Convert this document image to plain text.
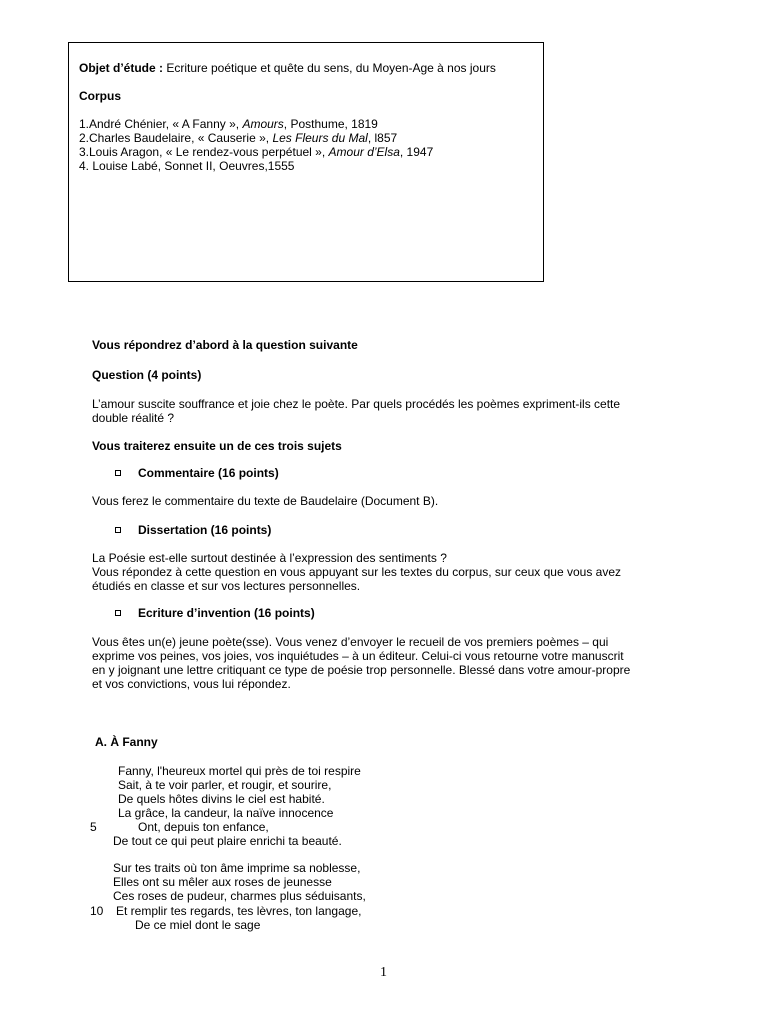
Objet d’étude : Ecriture poétique et quête du sens, du Moyen-Age à nos jours
Corpus
1.André Chénier, « A Fanny », Amours, Posthume, 1819
2.Charles Baudelaire, « Causerie », Les Fleurs du Mal, l857
3.Louis Aragon, « Le rendez-vous perpétuel », Amour d’Elsa, 1947
4. Louise Labé, Sonnet II, Oeuvres,1555
Vous répondrez d’abord à la question suivante
Question (4 points)
L’amour suscite souffrance et joie chez le poète. Par quels procédés les poèmes expriment-ils cette
double réalité ?
Vous traiterez ensuite un de ces trois sujets
Commentaire (16 points)
Vous ferez le commentaire du texte de Baudelaire (Document B).
Dissertation (16 points)
La Poésie est-elle surtout destinée à l’expression des sentiments ?
Vous répondez à cette question en vous appuyant sur les textes du corpus, sur ceux que vous avez
étudiés en classe et sur vos lectures personnelles.
Ecriture d’invention (16 points)
Vous êtes un(e) jeune poète(sse). Vous venez d’envoyer le recueil de vos premiers poèmes – qui
exprime vos peines, vos joies, vos inquiétudes – à un éditeur. Celui-ci vous retourne votre manuscrit
en y joignant une lettre critiquant ce type de poésie trop personnelle. Blessé dans votre amour-propre
et vos convictions, vous lui répondez.
A. À Fanny
Fanny, l'heureux mortel qui près de toi respire
Sait, à te voir parler, et rougir, et sourire,
De quels hôtes divins le ciel est habité.
La grâce, la candeur, la naïve innocence
5	Ont, depuis ton enfance,
De tout ce qui peut plaire enrichi ta beauté.
Sur tes traits où ton âme imprime sa noblesse,
Elles ont su mêler aux roses de jeunesse
Ces roses de pudeur, charmes plus séduisants,
10 Et remplir tes regards, tes lèvres, ton langage,
De ce miel dont le sage
1
